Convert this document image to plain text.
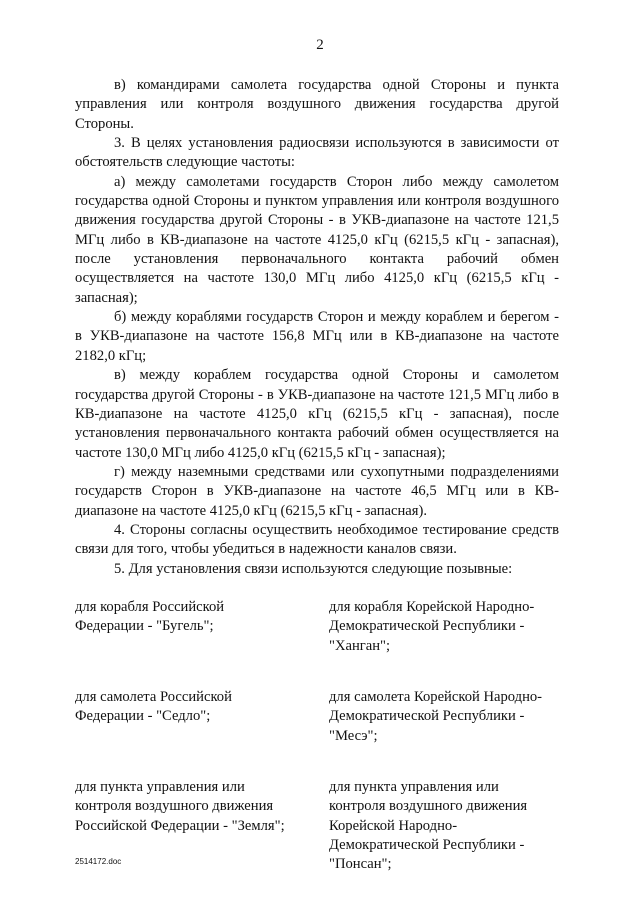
2

в) командирами самолета государства одной Стороны и пункта управления или контроля воздушного движения государства другой Стороны.

3. В целях установления радиосвязи используются в зависимости от обстоятельств следующие частоты:

а) между самолетами государств Сторон либо между самолетом государства одной Стороны и пунктом управления или контроля воздушного движения государства другой Стороны - в УКВ-диапазоне на частоте 121,5 МГц либо в КВ-диапазоне на частоте 4125,0 кГц (6215,5 кГц - запасная), после установления первоначального контакта рабочий обмен осуществляется на частоте 130,0 МГц либо 4125,0 кГц (6215,5 кГц - запасная);

б) между кораблями государств Сторон и между кораблем и берегом - в УКВ-диапазоне на частоте 156,8 МГц или в КВ-диапазоне на частоте 2182,0 кГц;

в) между кораблем государства одной Стороны и самолетом государства другой Стороны - в УКВ-диапазоне на частоте 121,5 МГц либо в КВ-диапазоне на частоте 4125,0 кГц (6215,5 кГц - запасная), после установления первоначального контакта рабочий обмен осуществляется на частоте 130,0 МГц либо 4125,0 кГц (6215,5 кГц - запасная);

г) между наземными средствами или сухопутными подразделениями государств Сторон в УКВ-диапазоне на частоте 46,5 МГц или в КВ-диапазоне на частоте 4125,0 кГц (6215,5 кГц - запасная).

4. Стороны согласны осуществить необходимое тестирование средств связи для того, чтобы убедиться в надежности каналов связи.

5. Для установления связи используются следующие позывные:

для корабля Российской
Федерации - "Бугель";
для корабля Корейской Народно-
Демократической Республики -
"Ханган";
для самолета Российской
Федерации - "Седло";
для самолета Корейской Народно-
Демократической Республики -
"Месэ";
для пункта управления или
контроля воздушного движения
Российской Федерации - "Земля";
для пункта управления или
контроля воздушного движения
Корейской Народно-
Демократической Республики -
"Понсан";
2514172.doc
